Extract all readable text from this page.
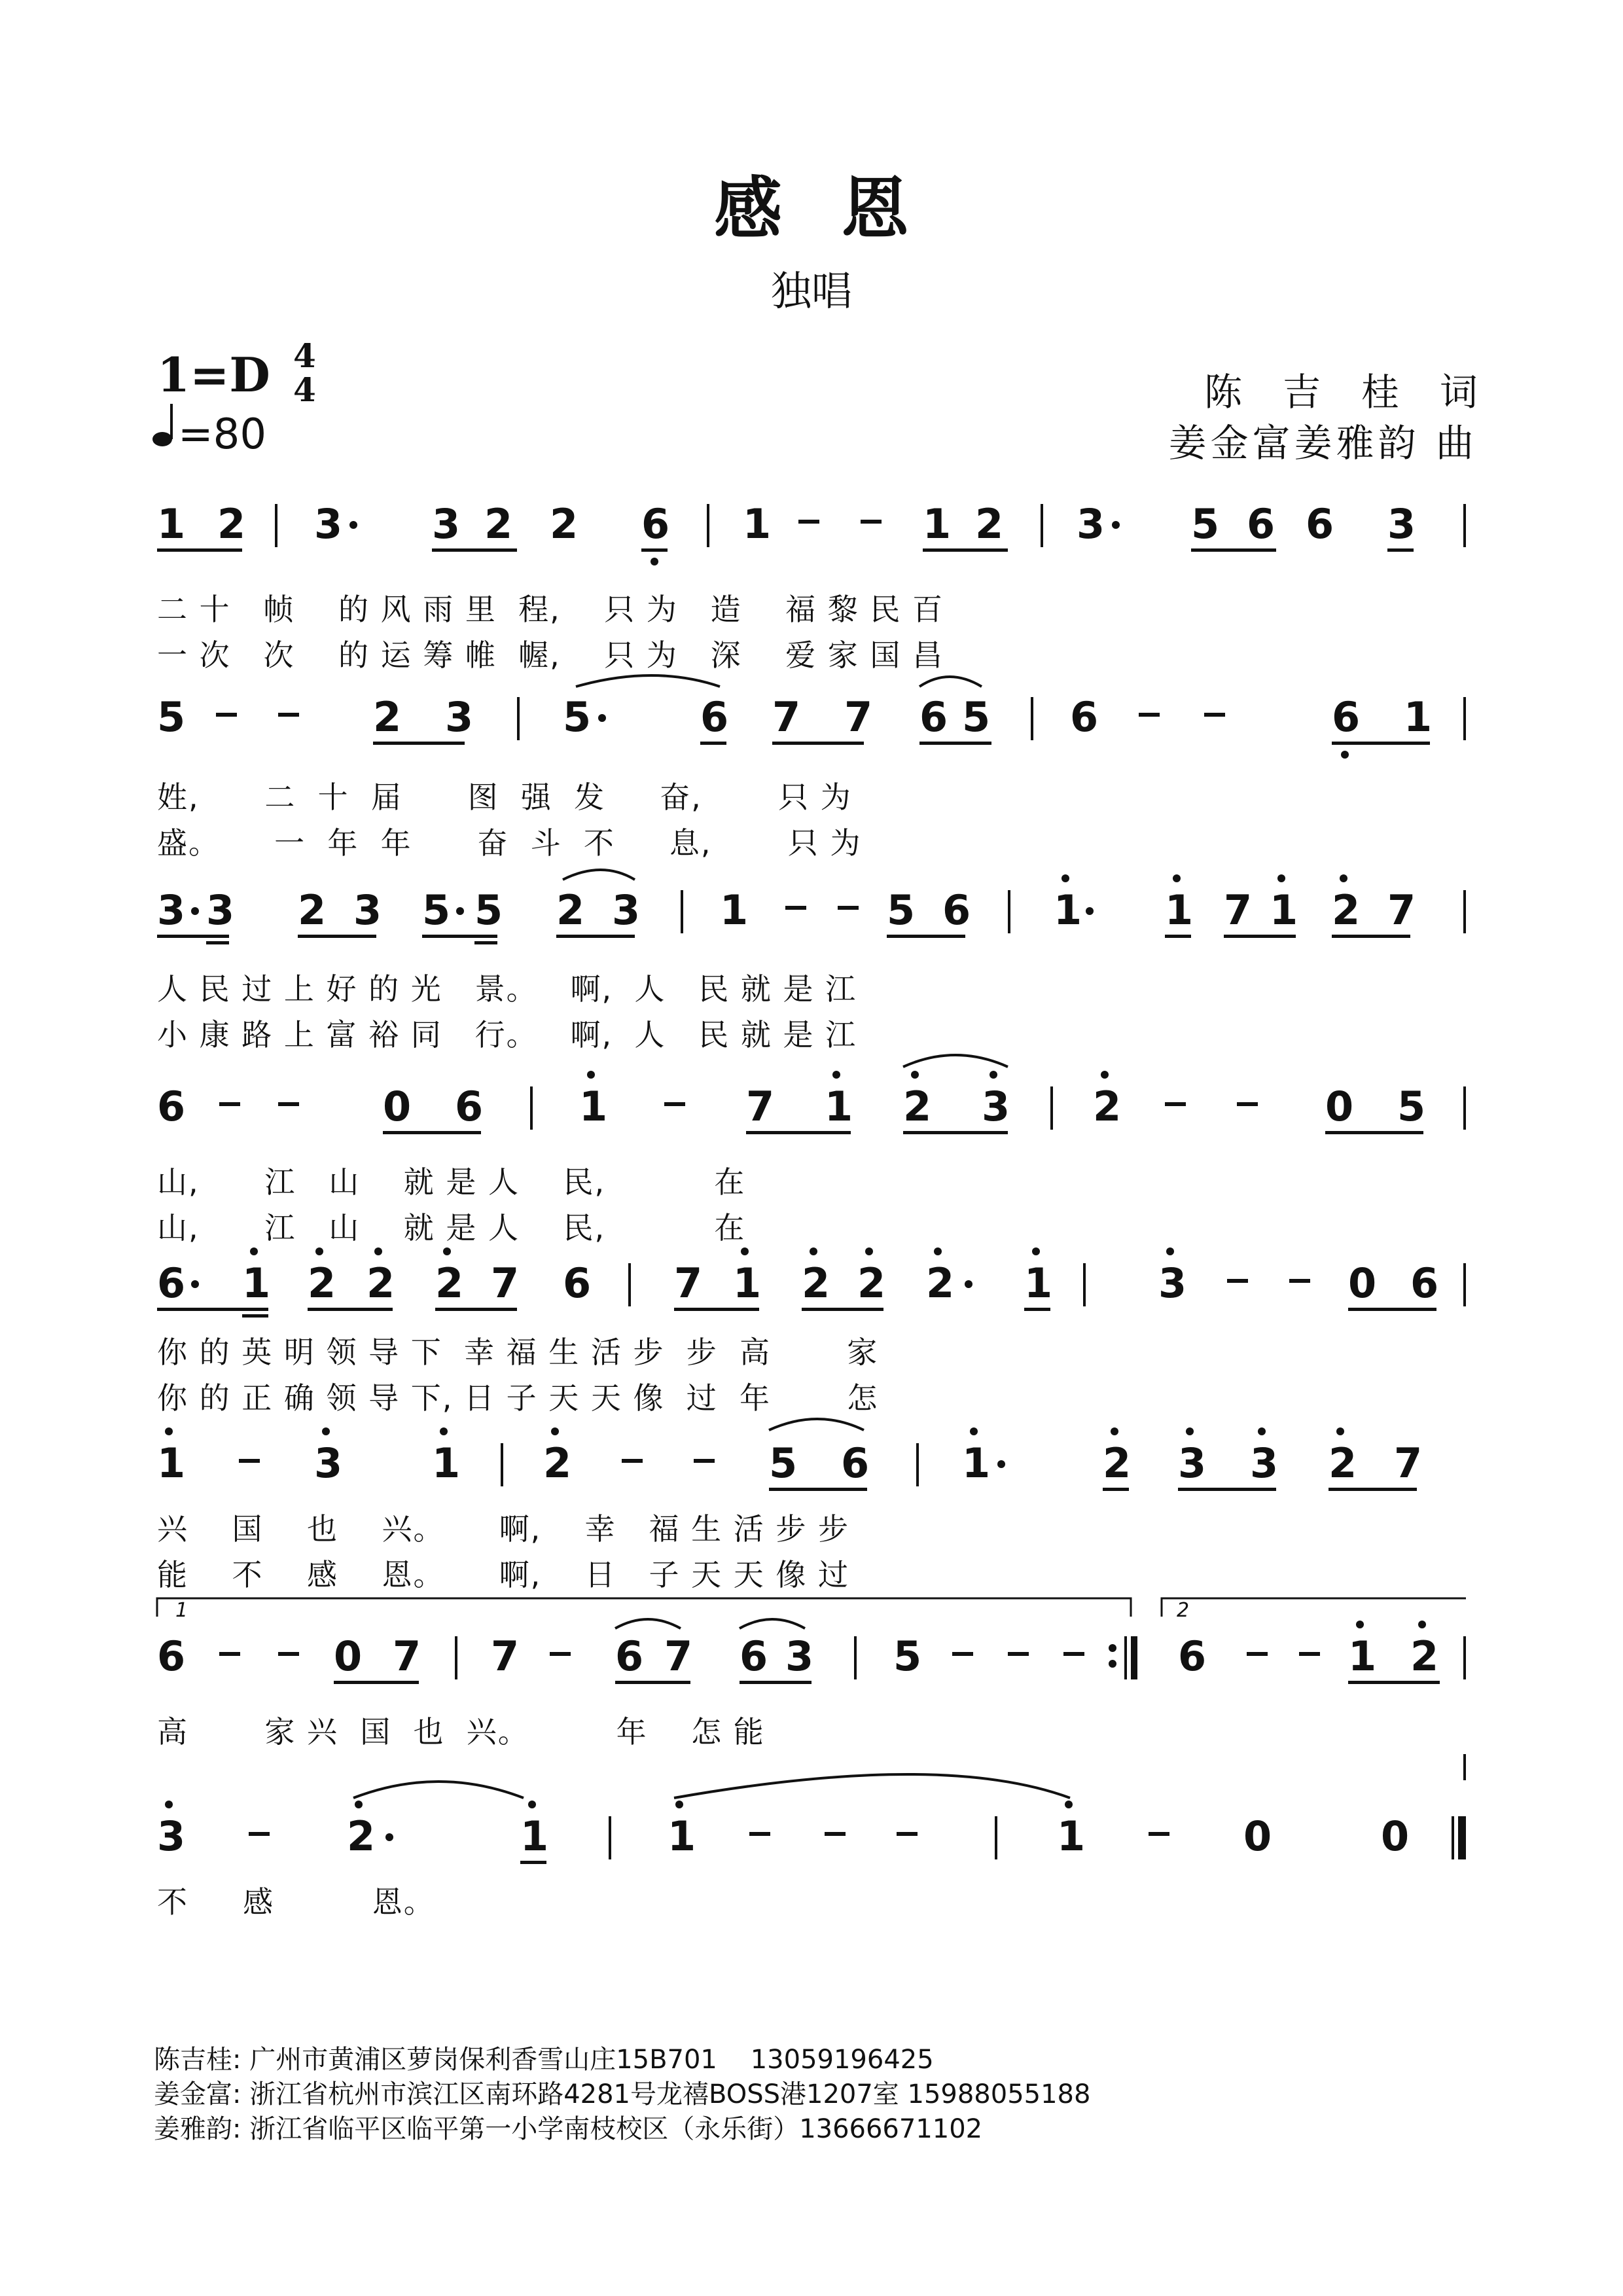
感恩
独唱
1=D 4
4
=80
陈吉桂词
姜金富姜雅韵 曲
1 2 3 3 2 2 6 1	1 2 3 5 6 6 3
二 十   帧    的 风 雨 里  程,    只 为   造    福 黎 民 百
一 次   次    的 运 筹 帷  幄,    只 为   深    爱 家 国 昌
5	2 3 5	6 7 7 6 5 6	6 1
姓,      二  十  届      图  强  发     奋,       只 为
盛。     一  年  年      奋  斗  不     息,       只 为
3 3 2 3 5 5 2 3 1	5 6 1 1 7 1 2 7
人 民 过 上 好 的 光   景。   啊,  人   民 就 是 江
小 康 路 上 富 裕 同   行。   啊,  人   民 就 是 江
6	0 6 1	7 1 2 3 2	0 5
山,      江   山    就 是 人    民,          在
山,      江   山    就 是 人    民,          在
6 1 2 2 2 7 6 7 1 2 2 2 1	3	0 6
你 的 英 明 领 导 下  幸 福 生 活 步  步  高       家
你 的 正 确 领 导 下, 日 子 天 天 像  过  年       怎
1	3 1 2	5 6 1	2 3 3 2 7
兴    国    也    兴。     啊,    幸   福 生 活 步 步
能    不    感    恩。     啊,    日   子 天 天 像 过
1	2
6	0 7 7 6 7 6 3 5	6	1 2
高       家 兴  国  也  兴。        年    怎 能
3	2	1	1	1	0	0
不     感         恩。
陈吉桂: 广州市黄浦区萝岗保利香雪山庄15B701    13059196425
姜金富: 浙江省杭州市滨江区南环路4281号龙禧BOSS港1207室 15988055188
姜雅韵: 浙江省临平区临平第一小学南枝校区（永乐街）13666671102
